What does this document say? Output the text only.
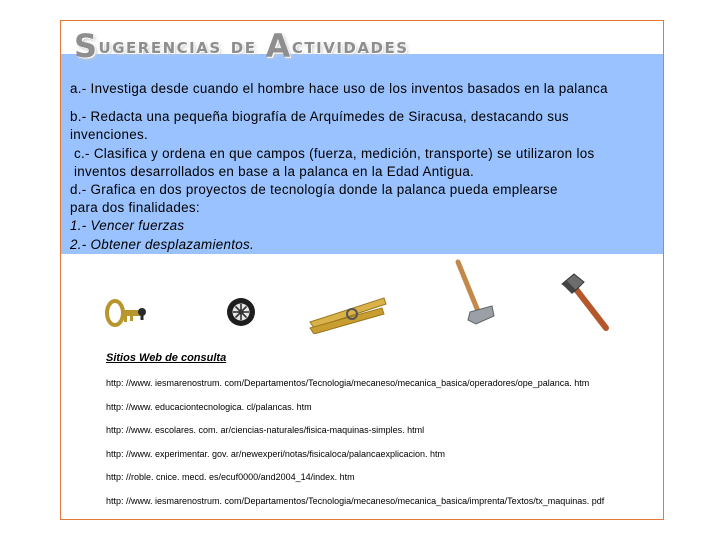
S ugerencias de A ctividades

a.- Investiga desde cuando el hombre hace uso de los inventos basados en la palanca

b.- Redacta una pequeña biografía de Arquímedes de Siracusa, destacando sus

invenciones.

c.- Clasifica y ordena en que campos (fuerza, medición, transporte) se utilizaron los

inventos desarrollados en base a la palanca en la Edad Antigua.

d.- Grafica en dos proyectos de tecnología donde la palanca pueda emplearse

para dos finalidades:

1.- Vencer fuerzas

2.- Obtener desplazamientos.

Sitios Web de consulta

http: //www. iesmarenostrum. com/Departamentos/Tecnologia/mecaneso/mecanica_basica/operadores/ope_palanca. htm

http: //www. educaciontecnologica. cl/palancas. htm

http: //www. escolares. com. ar/ciencias-naturales/fisica-maquinas-simples. html

http: //www. experimentar. gov. ar/newexperi/notas/fisicaloca/palancaexplicacion. htm

http: //roble. cnice. mecd. es/ecuf0000/and2004_14/index. htm

http: //www. iesmarenostrum. com/Departamentos/Tecnologia/mecaneso/mecanica_basica/imprenta/Textos/tx_maquinas. pdf
